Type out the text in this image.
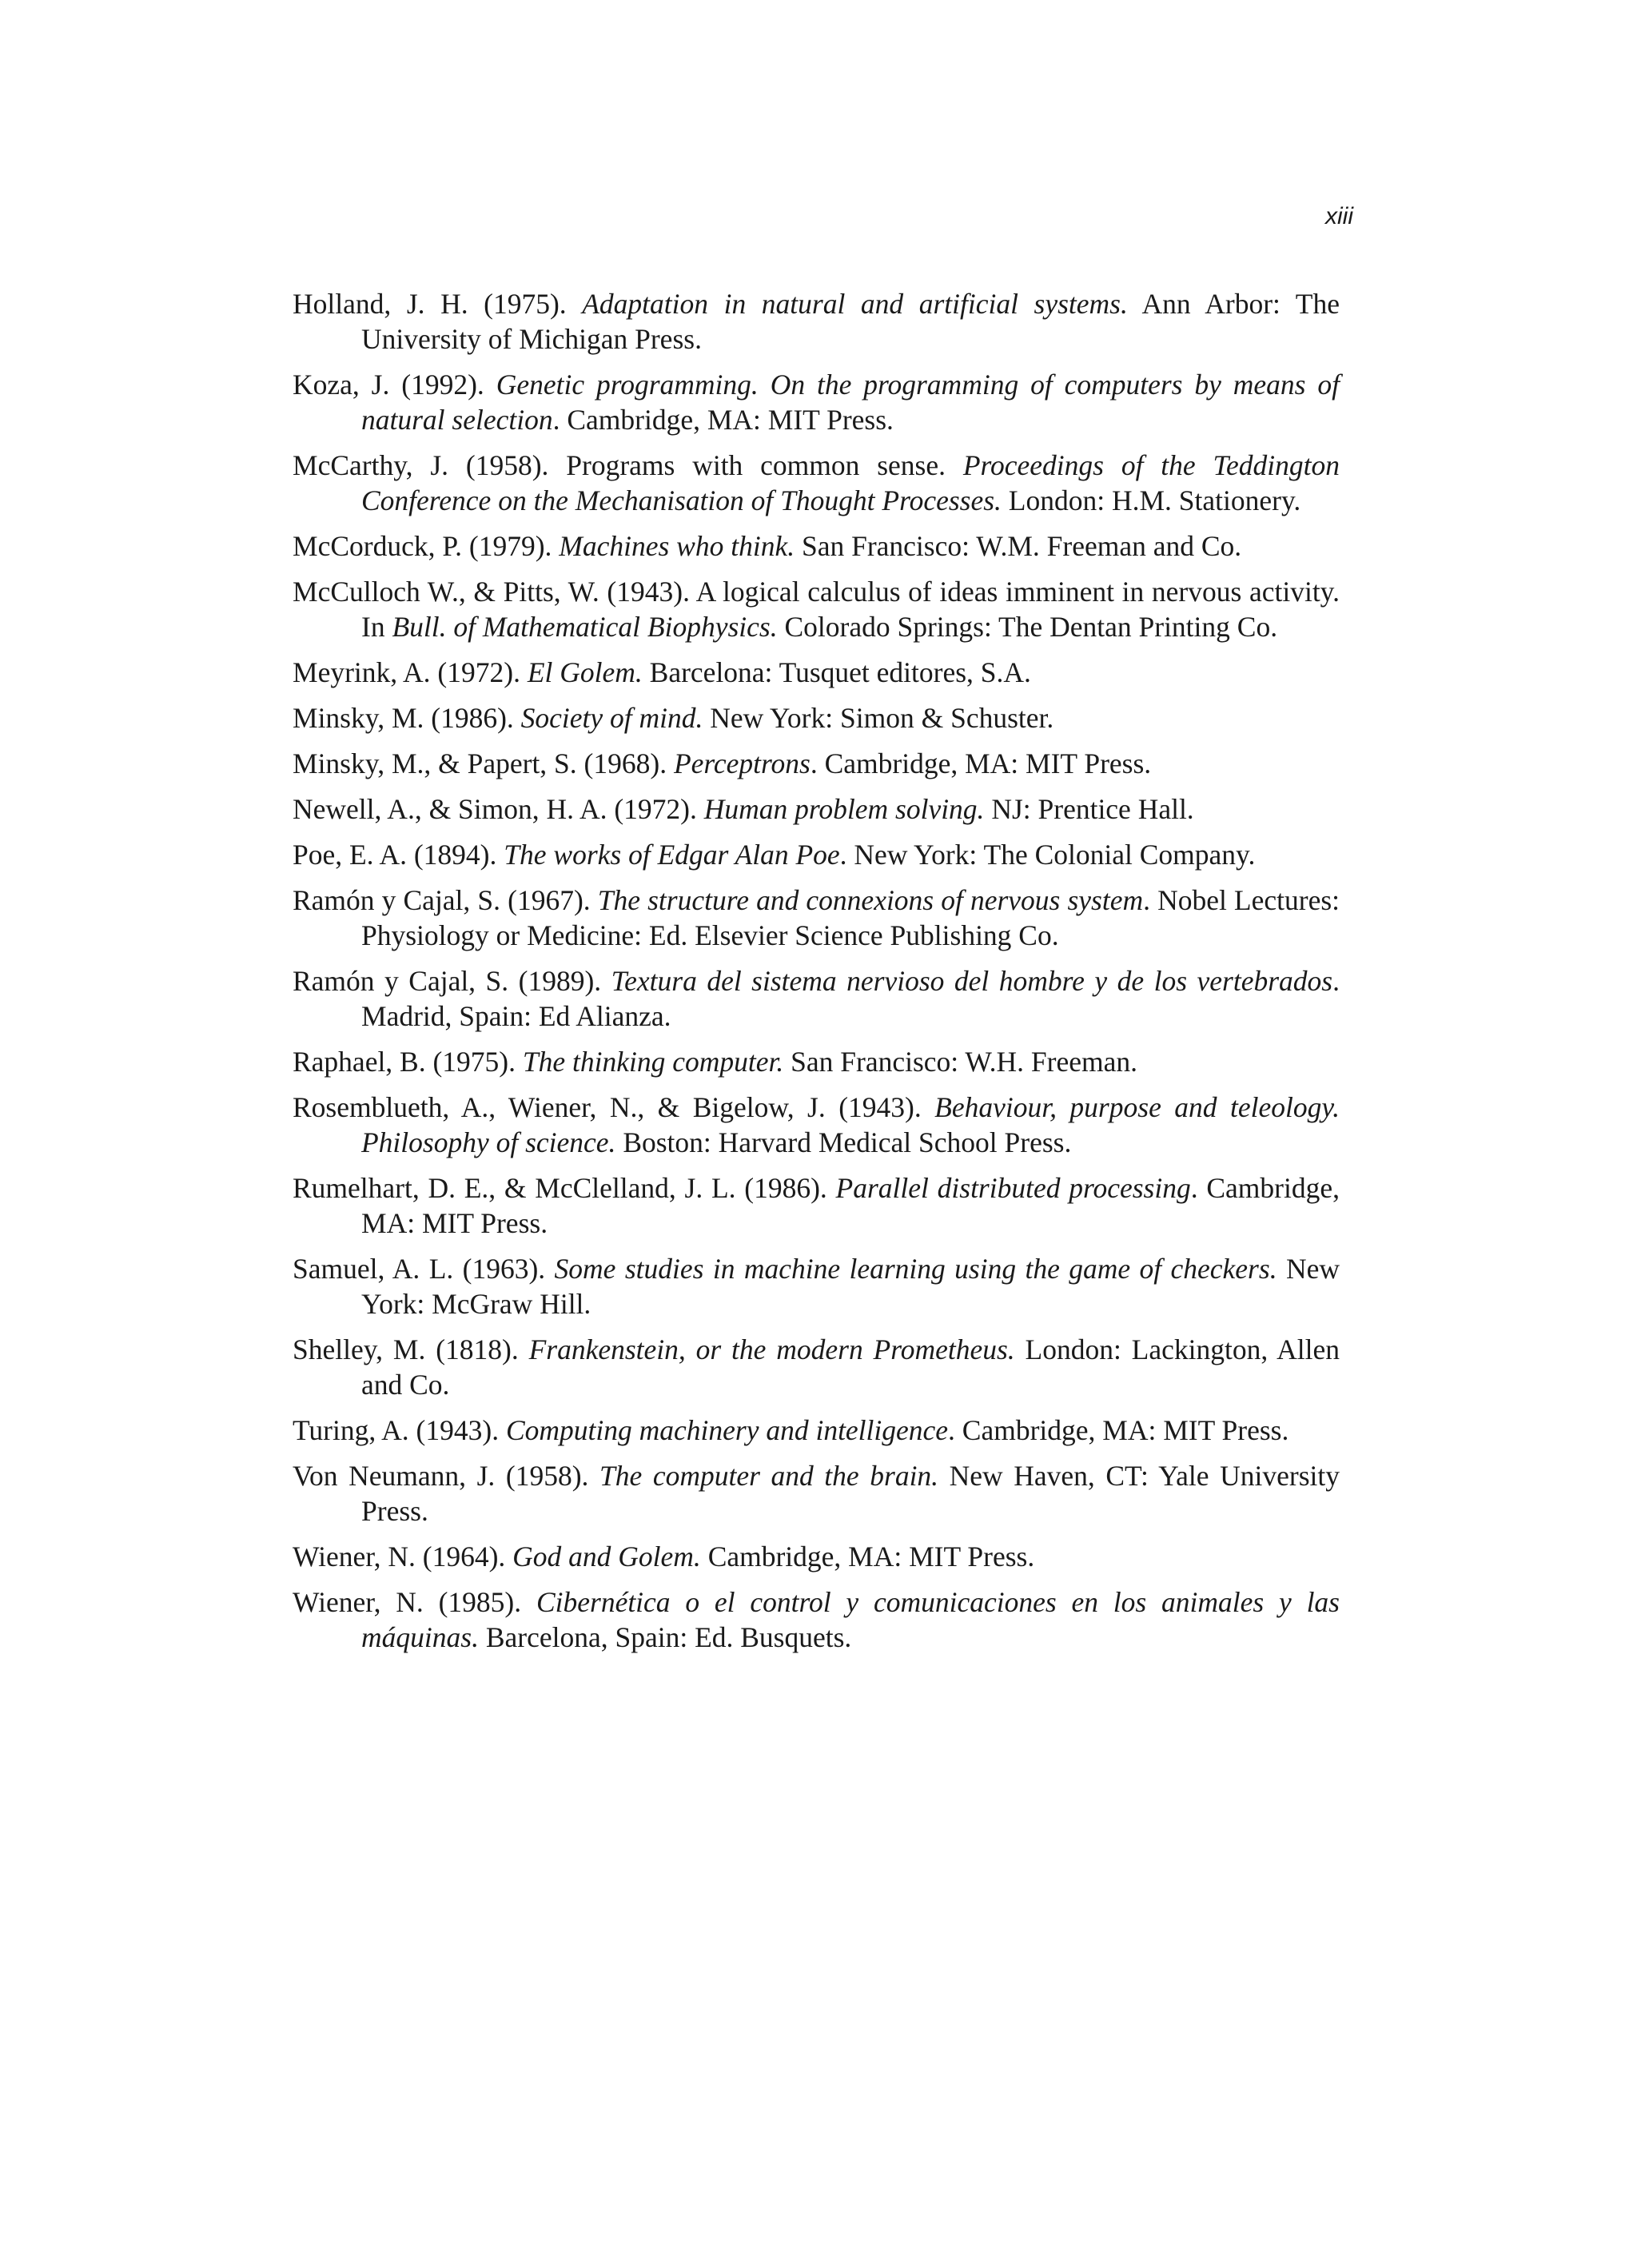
xiii

Holland, J. H. (1975). Adaptation in natural and artificial systems. Ann Arbor: The University of Michigan Press.

Koza, J. (1992). Genetic programming. On the programming of computers by means of natural selection. Cambridge, MA: MIT Press.

McCarthy, J. (1958). Programs with common sense. Proceedings of the Teddington Conference on the Mechanisation of Thought Processes. London: H.M. Stationery.

McCorduck, P. (1979). Machines who think. San Francisco: W.M. Freeman and Co.

McCulloch W., & Pitts, W. (1943). A logical calculus of ideas imminent in nervous activity. In Bull. of Mathematical Biophysics. Colorado Springs: The Dentan Printing Co.

Meyrink, A. (1972). El Golem. Barcelona: Tusquet editores, S.A.

Minsky, M. (1986). Society of mind. New York: Simon & Schuster.

Minsky, M., & Papert, S. (1968). Perceptrons. Cambridge, MA: MIT Press.

Newell, A., & Simon, H. A. (1972). Human problem solving. NJ: Prentice Hall.

Poe, E. A. (1894). The works of Edgar Alan Poe. New York: The Colonial Company.

Ramón y Cajal, S. (1967). The structure and connexions of nervous system. Nobel Lectures: Physiology or Medicine: Ed. Elsevier Science Publishing Co.

Ramón y Cajal, S. (1989). Textura del sistema nervioso del hombre y de los vertebrados. Madrid, Spain: Ed Alianza.

Raphael, B. (1975). The thinking computer. San Francisco: W.H. Freeman.

Rosemblueth, A., Wiener, N., & Bigelow, J. (1943). Behaviour, purpose and teleology. Philosophy of science. Boston: Harvard Medical School Press.

Rumelhart, D. E., & McClelland, J. L. (1986). Parallel distributed processing. Cambridge, MA: MIT Press.

Samuel, A. L. (1963). Some studies in machine learning using the game of checkers. New York: McGraw Hill.

Shelley, M. (1818). Frankenstein, or the modern Prometheus. London: Lackington, Allen and Co.

Turing, A. (1943). Computing machinery and intelligence. Cambridge, MA: MIT Press.

Von Neumann, J. (1958). The computer and the brain. New Haven, CT: Yale University Press.

Wiener, N. (1964). God and Golem. Cambridge, MA: MIT Press.

Wiener, N. (1985). Cibernética o el control y comunicaciones en los animales y las máquinas. Barcelona, Spain: Ed. Busquets.
